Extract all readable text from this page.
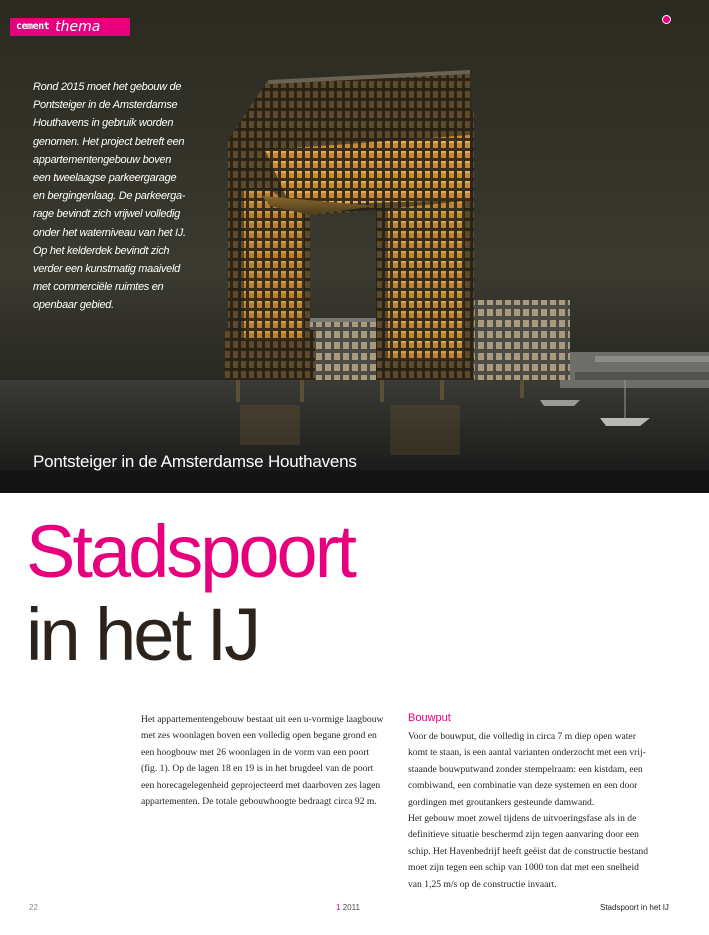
cement thema
Rond 2015 moet het gebouw de
Pontsteiger in de Amsterdamse
Houthavens in gebruik worden
genomen. Het project betreft een
appartementengebouw boven
een tweelaagse parkeergarage
en bergingenlaag. De parkeerga-
rage bevindt zich vrijwel volledig
onder het waterniveau van het IJ.
Op het kelderdek bevindt zich
verder een kunstmatig maaiveld
met commerciële ruimtes en
openbaar gebied.
Pontsteiger in de Amsterdamse Houthavens
Stadspoort
in het IJ

Het appartementengebouw bestaat uit een u-vormige laagbouw

met zes woonlagen boven een volledig open begane grond en

een hoogbouw met 26 woonlagen in de vorm van een poort

(fig. 1). Op de lagen 18 en 19 is in het brugdeel van de poort

een horecagelegenheid geprojecteerd met daarboven zes lagen

appartementen. De totale gebouwhoogte bedraagt circa 92 m.

Bouwput

Voor de bouwput, die volledig in circa 7 m diep open water

komt te staan, is een aantal varianten onderzocht met een vrij-

staande bouwputwand zonder stempelraam: een kistdam, een

combiwand, een combinatie van deze systemen en een door

gordingen met groutankers gesteunde damwand.

Het gebouw moet zowel tijdens de uitvoeringsfase als in de

definitieve situatie beschermd zijn tegen aanvaring door een

schip. Het Havenbedrijf heeft geëist dat de constructie bestand

moet zijn tegen een schip van 1000 ton dat met een snelheid

van 1,25 m/s op de constructie invaart.

22	1 2011	Stadspoort in het IJ
